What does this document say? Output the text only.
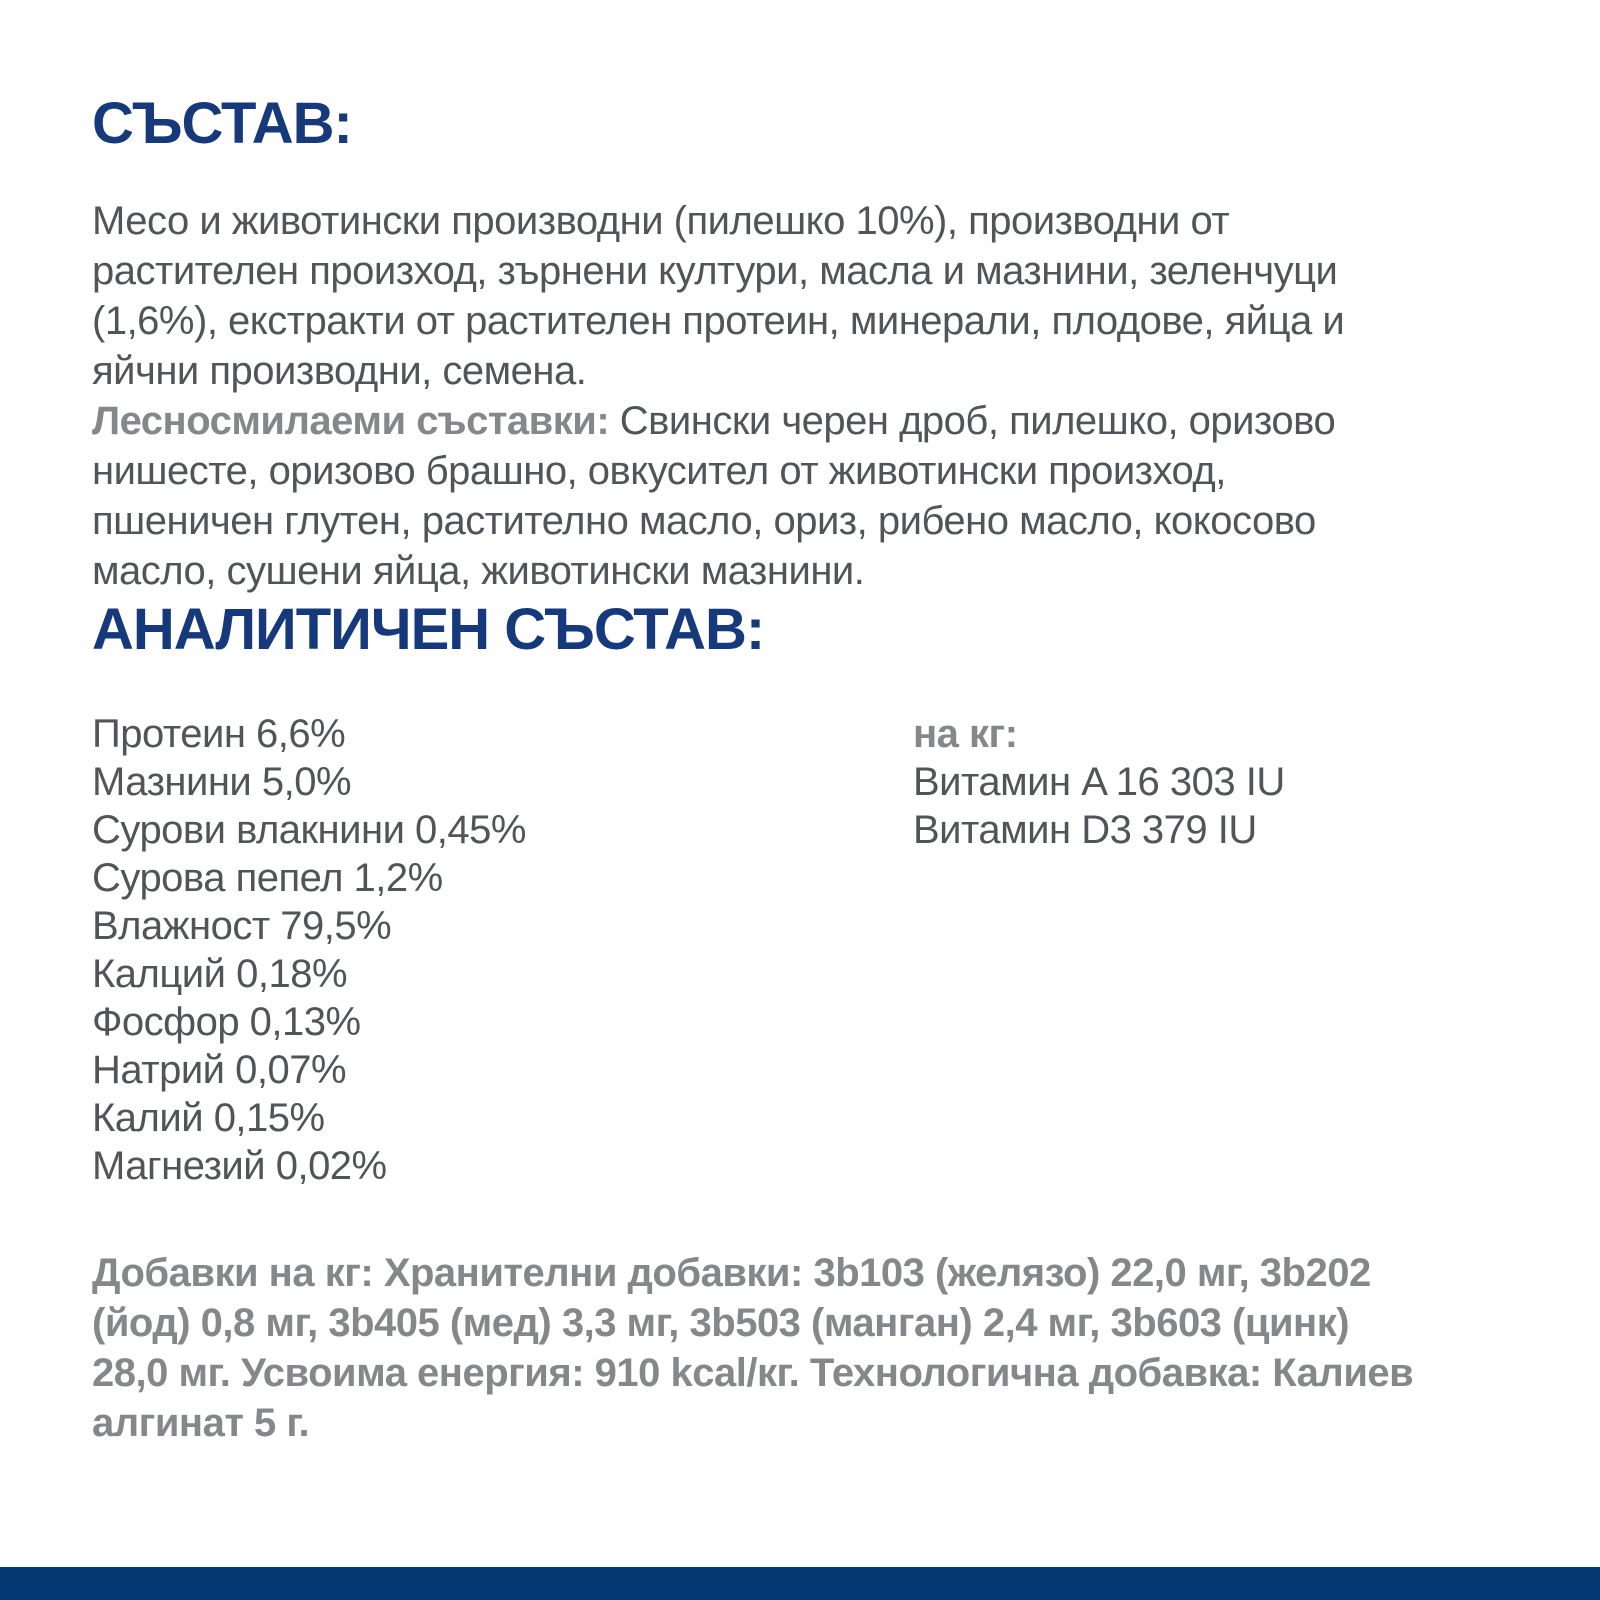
СЪСТАВ:
Месо и животински производни (пилешко 10%), производни от
растителен произход, зърнени култури, масла и мазнини, зеленчуци
(1,6%), екстракти от растителен протеин, минерали, плодове, яйца и
яйчни производни, семена.
Лесносмилаеми съставки: Свински черен дроб, пилешко, оризово
нишесте, оризово брашно, овкусител от животински произход,
пшеничен глутен, растително масло, ориз, рибено масло, кокосово
масло, сушени яйца, животински мазнини.
АНАЛИТИЧЕН СЪСТАВ:
Протеин 6,6%
Мазнини 5,0%
Сурови влакнини 0,45%
Сурова пепел 1,2%
Влажност 79,5%
Калций 0,18%
Фосфор 0,13%
Натрий 0,07%
Калий 0,15%
Магнезий 0,02%
на кг:
Витамин A 16 303 IU
Витамин D3 379 IU
Добавки на кг: Хранителни добавки: 3b103 (желязо) 22,0 мг, 3b202
(йод) 0,8 мг, 3b405 (мед) 3,3 мг, 3b503 (манган) 2,4 мг, 3b603 (цинк)
28,0 мг. Усвоима енергия: 910 kcal/кг. Технологична добавка: Калиев
алгинат 5 г.
